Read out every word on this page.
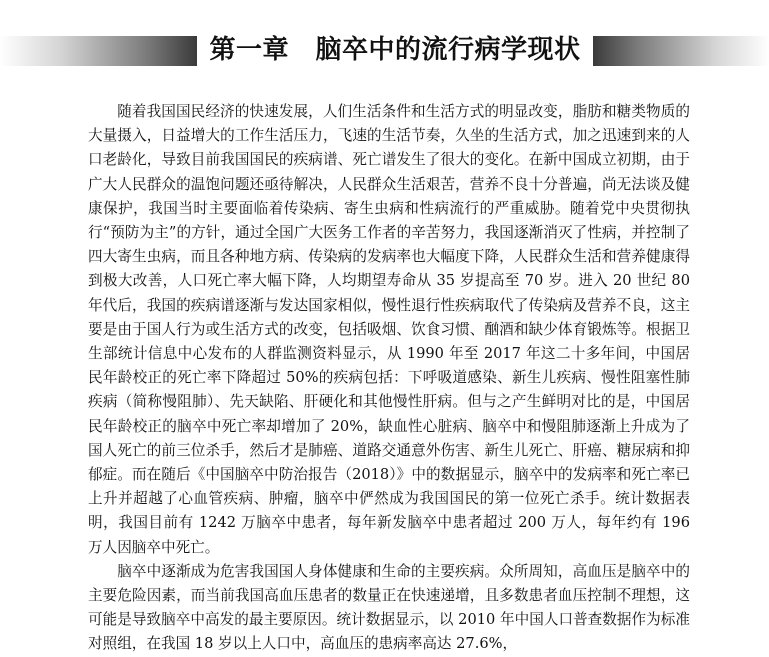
第一章　脑卒中的流行病学现状

随着我国国民经济的快速发展，人们生活条件和生活方式的明显改变，脂肪和糖类物质的大量摄入，日益增大的工作生活压力，飞速的生活节奏，久坐的生活方式，加之迅速到来的人口老龄化，导致目前我国国民的疾病谱、死亡谱发生了很大的变化。在新中国成立初期，由于广大人民群众的温饱问题还亟待解决，人民群众生活艰苦，营养不良十分普遍，尚无法谈及健康保护，我国当时主要面临着传染病、寄生虫病和性病流行的严重威胁。随着党中央贯彻执行“预防为主”的方针，通过全国广大医务工作者的辛苦努力，我国逐渐消灭了性病，并控制了四大寄生虫病，而且各种地方病、传染病的发病率也大幅度下降，人民群众生活和营养健康得到极大改善，人口死亡率大幅下降，人均期望寿命从 35 岁提高至 70 岁。进入 20 世纪 80 年代后，我国的疾病谱逐渐与发达国家相似，慢性退行性疾病取代了传染病及营养不良，这主要是由于国人行为或生活方式的改变，包括吸烟、饮食习惯、酗酒和缺少体育锻炼等。根据卫生部统计信息中心发布的人群监测资料显示，从 1990 年至 2017 年这二十多年间，中国居民年龄校正的死亡率下降超过 50%的疾病包括：下呼吸道感染、新生儿疾病、慢性阻塞性肺疾病（简称慢阻肺）、先天缺陷、肝硬化和其他慢性肝病。但与之产生鲜明对比的是，中国居民年龄校正的脑卒中死亡率却增加了 20%，缺血性心脏病、脑卒中和慢阻肺逐渐上升成为了国人死亡的前三位杀手，然后才是肺癌、道路交通意外伤害、新生儿死亡、肝癌、糖尿病和抑郁症。而在随后《中国脑卒中防治报告（2018）》中的数据显示，脑卒中的发病率和死亡率已上升并超越了心血管疾病、肿瘤，脑卒中俨然成为我国国民的第一位死亡杀手。统计数据表明，我国目前有 1242 万脑卒中患者，每年新发脑卒中患者超过 200 万人，每年约有 196 万人因脑卒中死亡。

脑卒中逐渐成为危害我国国人身体健康和生命的主要疾病。众所周知，高血压是脑卒中的主要危险因素，而当前我国高血压患者的数量正在快速递增，且多数患者血压控制不理想，这可能是导致脑卒中高发的最主要原因。统计数据显示，以 2010 年中国人口普查数据作为标准对照组，在我国 18 岁以上人口中，高血压的患病率高达 27.6%，
